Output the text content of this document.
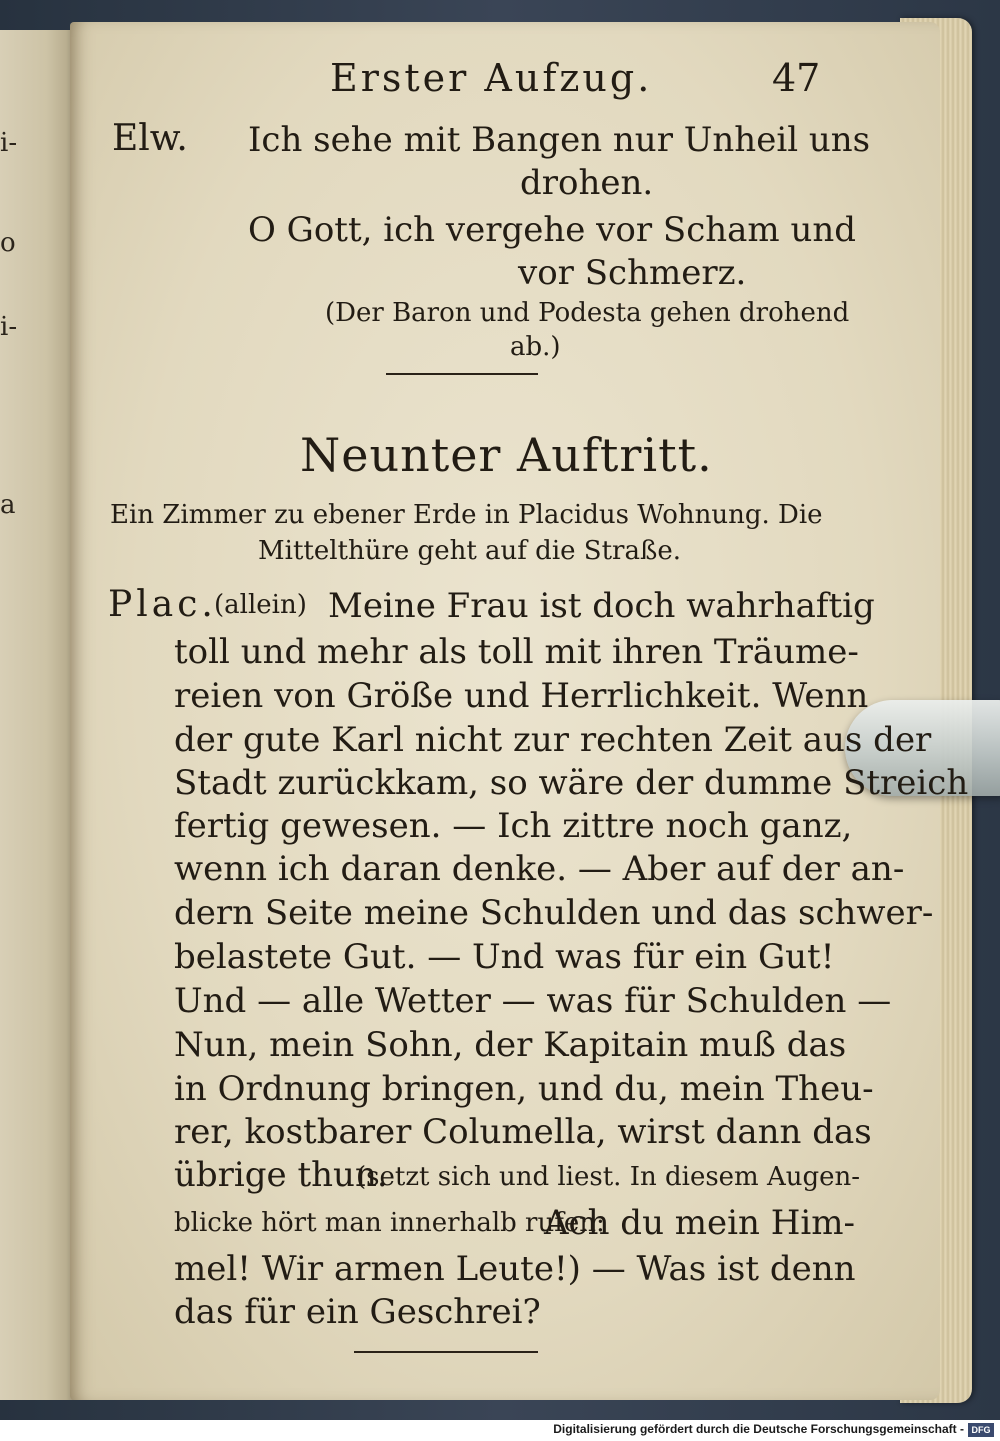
i-
o
i-
a
Erster Aufzug.	47
Elw. Ich sehe mit Bangen nur Unheil uns
drohen.
O Gott, ich vergehe vor Scham und
vor Schmerz.
(Der Baron und Podesta gehen drohend
ab.)
Neunter Auftritt.
Ein Zimmer zu ebener Erde in Placidus Wohnung. Die
Mittelthüre geht auf die Straße.
Plac.
(allein) Meine Frau ist doch wahrhaftig
toll und mehr als toll mit ihren Träume-
reien von Größe und Herrlichkeit. Wenn
der gute Karl nicht zur rechten Zeit aus der
Stadt zurückkam, so wäre der dumme Streich
fertig gewesen. — Ich zittre noch ganz,
wenn ich daran denke. — Aber auf der an-
dern Seite meine Schulden und das schwer-
belastete Gut. — Und was für ein Gut!
Und — alle Wetter — was für Schulden —
Nun, mein Sohn, der Kapitain muß das
in Ordnung bringen, und du, mein Theu-
rer, kostbarer Columella, wirst dann das
übrige thun.
(setzt sich und liest. In diesem Augen-
blicke hört man innerhalb rufen:
Ach du mein Him-
mel! Wir armen Leute!) — Was ist denn
das für ein Geschrei?
Digitalisierung gefördert durch die Deutsche Forschungsgemeinschaft - DFG
